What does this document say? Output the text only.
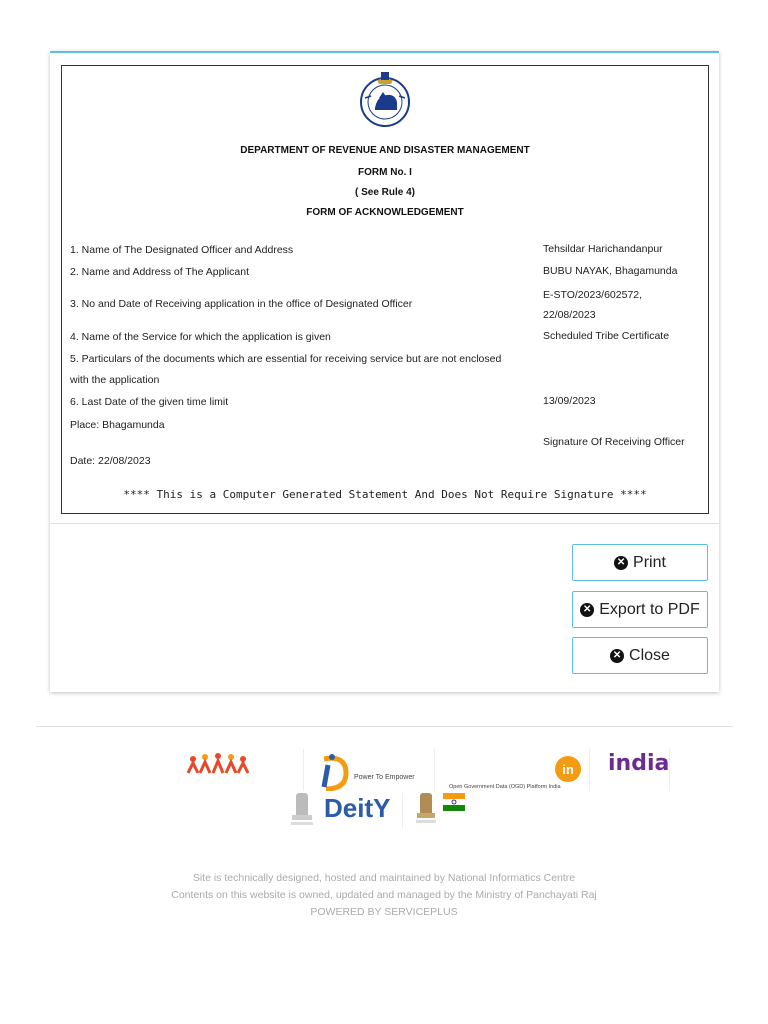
DEPARTMENT OF REVENUE AND DISASTER MANAGEMENT
FORM No. I
( See Rule 4)
FORM OF ACKNOWLEDGEMENT
1. Name of The Designated Officer and Address	Tehsildar Harichandanpur
2. Name and Address of The Applicant	BUBU NAYAK, Bhagamunda
3. No and Date of Receiving application in the office of Designated Officer
E-STO/2023/602572,
22/08/2023
4. Name of the Service for which the application is given	Scheduled Tribe Certificate
5. Particulars of the documents which are essential for receiving service but are not enclosed
with the application
6. Last Date of the given time limit	13/09/2023
Place: Bhagamunda
Signature Of Receiving Officer
Date: 22/08/2023
**** This is a Computer Generated Statement And Does Not Require Signature ****
✕ Print
✕ Export to PDF
✕ Close
Power To Empower
DeitY
in
Open Government Data (OGD) Platform India
india
Site is technically designed, hosted and maintained by National Informatics Centre
Contents on this website is owned, updated and managed by the Ministry of Panchayati Raj
POWERED BY SERVICEPLUS
